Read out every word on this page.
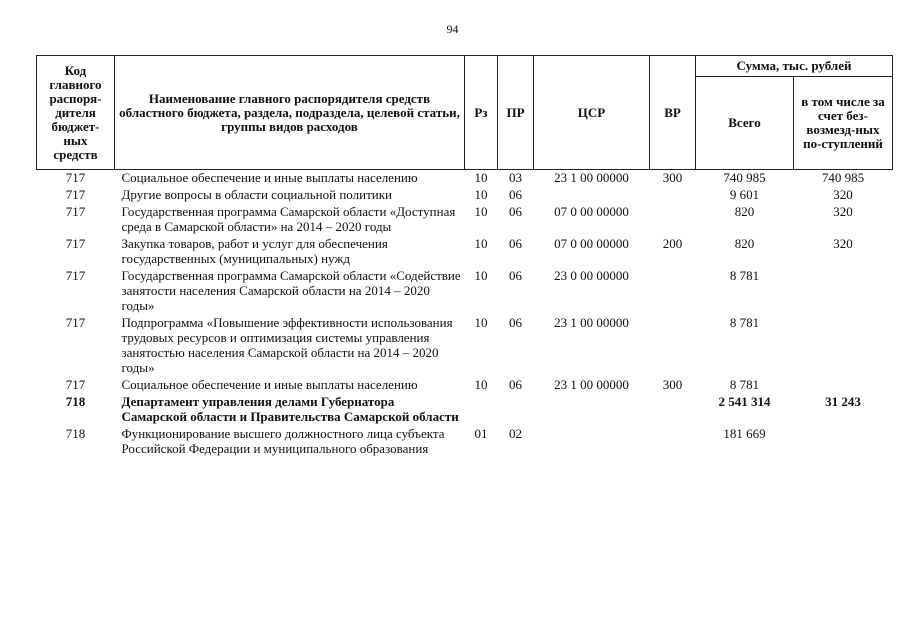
94
Код главного распоря-дителя бюджет-ных средств	Наименование главного распорядителя средств областного бюджета, раздела, подраздела, целевой статьи, группы видов расходов	Рз	ПР	ЦСР	ВР	Сумма, тыс. рублей	
						Всего	в том числе за счет без-возмезд-ных по-ступлений
717	Социальное обеспечение и иные выплаты населению	10	03	23 1 00 00000	300	740 985	740 985
717	Другие вопросы в области социальной политики	10	06			9 601	320
717	Государственная программа Самарской области «Доступная среда в Самарской области» на 2014 – 2020 годы	10	06	07 0 00 00000		820	320
717	Закупка товаров, работ и услуг для обеспечения государственных (муниципальных) нужд	10	06	07 0 00 00000	200	820	320
717	Государственная программа Самарской области «Содействие занятости населения Самарской области на 2014 – 2020 годы»	10	06	23 0 00 00000		8 781	
717	Подпрограмма «Повышение эффективности использования трудовых ресурсов и оптимизация системы управления занятостью населения Самарской области на 2014 – 2020 годы»	10	06	23 1 00 00000		8 781	
717	Социальное обеспечение и иные выплаты населению	10	06	23 1 00 00000	300	8 781	
718	Департамент управления делами Губернатора Самарской области и Правительства Самарской области					2 541 314	31 243
718	Функционирование высшего должностного лица субъекта Российской Федерации и муниципального образования	01	02			181 669	
